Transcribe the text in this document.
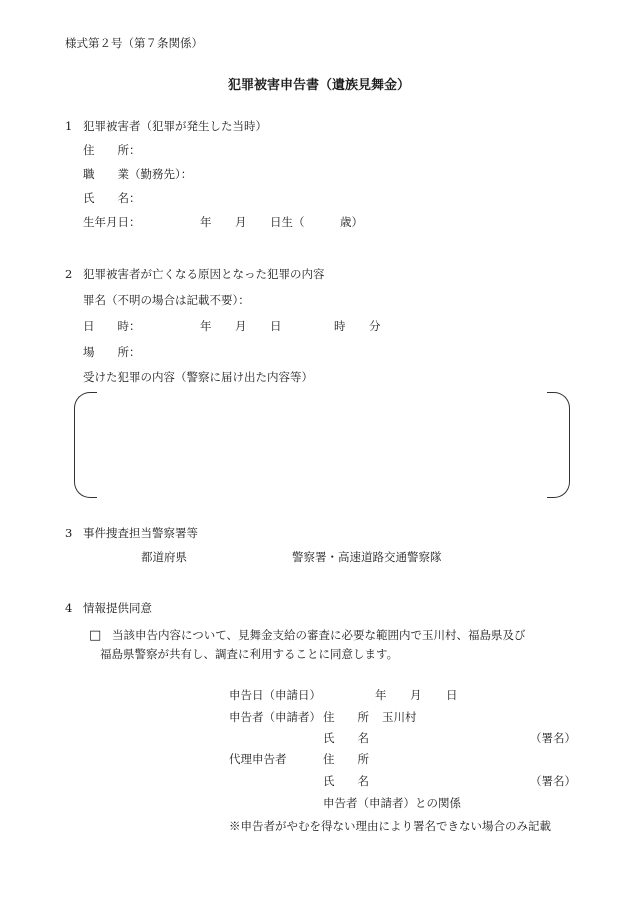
様式第２号（第７条関係）
犯罪被害申告書（遺族見舞金）
1 犯罪被害者（犯罪が発生した当時）
住　　所：
職　　業（勤務先）：
氏　　名：
生年月日：	年 月 日生（	歳）
2 犯罪被害者が亡くなる原因となった犯罪の内容
罪名（不明の場合は記載不要）：
日　　時：	年 月 日	時 分
場　　所：
受けた犯罪の内容（警察に届け出た内容等）
3 事件捜査担当警察署等
都道府県	警察署・高速道路交通警察隊
4 情報提供同意
□ 当該申告内容について、見舞金支給の審査に必要な範囲内で玉川村、福島県及び
福島県警察が共有し、調査に利用することに同意します。
申告日（申請日）	年 月 日
申告者（申請者） 住　　所 玉川村
氏　　名	（署名）
代理申告者	住　　所
氏　　名	（署名）
申告者（申請者）との関係
※申告者がやむを得ない理由により署名できない場合のみ記載
